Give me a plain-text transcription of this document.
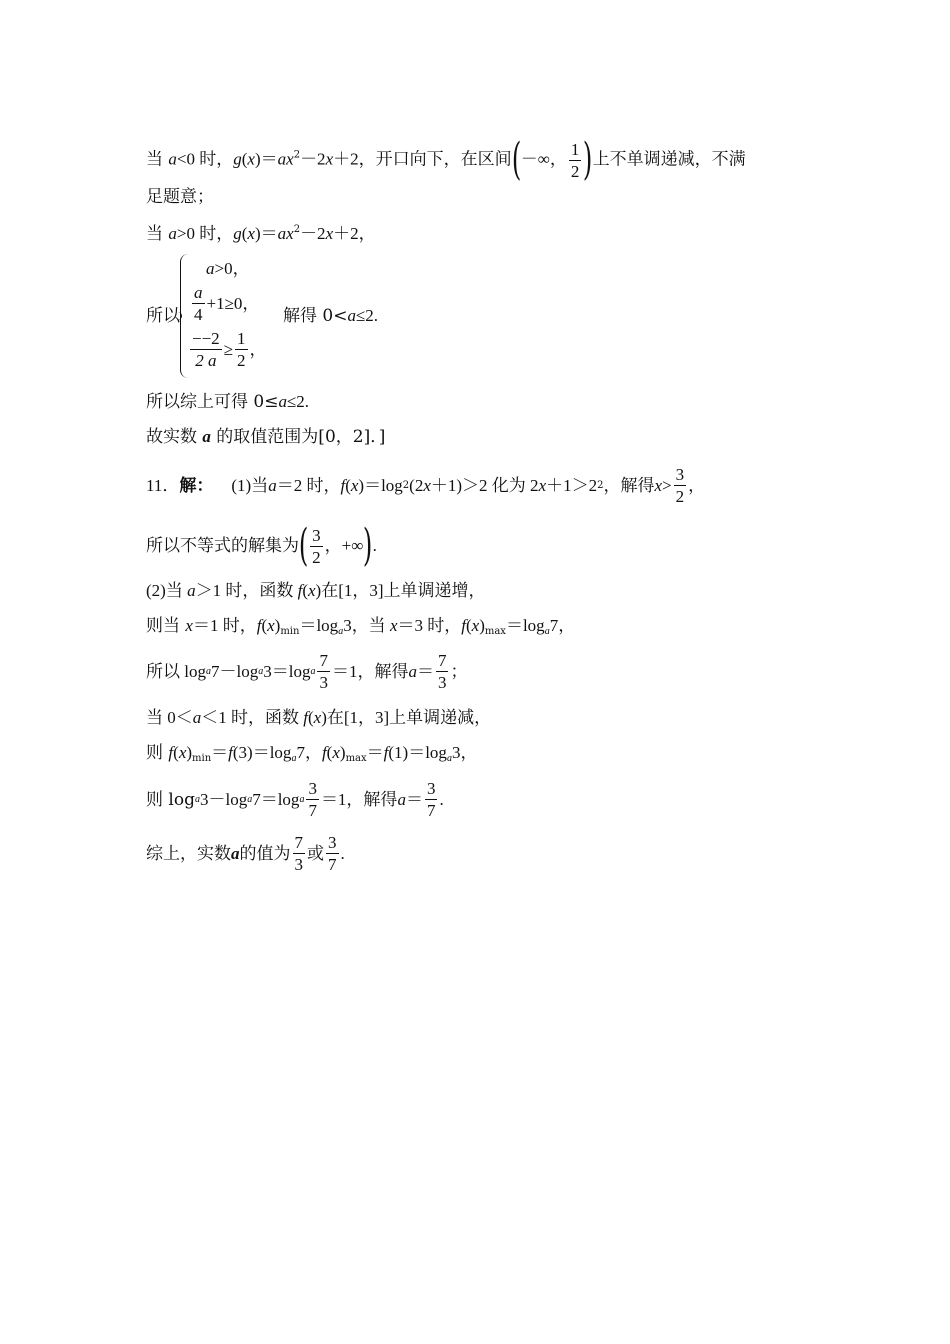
当 a<0 时，$g(x)=ax^2-2x+2$，开口向下，在区间(－∞， $\frac{1}{2}$ )上不单调递减，不满
足题意；
当 a>0 时，$g(x)=ax^2-2x+2$，
所以
a>0，
$\frac{a}{4} +1\ge 0$，
$\frac{--2}{2 a} \ge \frac{1}{2}$ ，
解得 0<a≤2.
所以综上可得 0≤a≤2.
故实数 a 的取值范围为[0，2]．]
11． 解： (1)当 a ＝2 时， f ( x )＝log 2 (2 x ＋1)＞2 化为 2 x ＋1＞2 2 ，解得 $x > \frac{3}{2}$ ，
所以不等式的解集为 ( $\frac{3}{2}$ ，+∞ ) .
(2)当 a＞1 时，函数 f(x)在[1，3]上单调递增，
则当 x＝1 时，$f(x)_{min}=\log_a3$，当 x＝3 时，$f(x)_{max}=\log_a7$，
所以 log a 7－log a 3＝log a $\frac{7}{3} =1$，解得 $a = \frac{7}{3}$ ；
当 0＜a＜1 时，函数 f(x)在[1，3]上单调递减，
则 $f(x)_{min}=f(3)=\log_a7$，$f(x)_{max}=f(1)=\log_a3$，
则 log a 3－log a 7＝log a $\frac{3}{7} =1$，解得 $a = \frac{3}{7}$ .
综上，实数 a 的值为 $\frac{7}{3}$ 或 $\frac{3}{7}$ .
